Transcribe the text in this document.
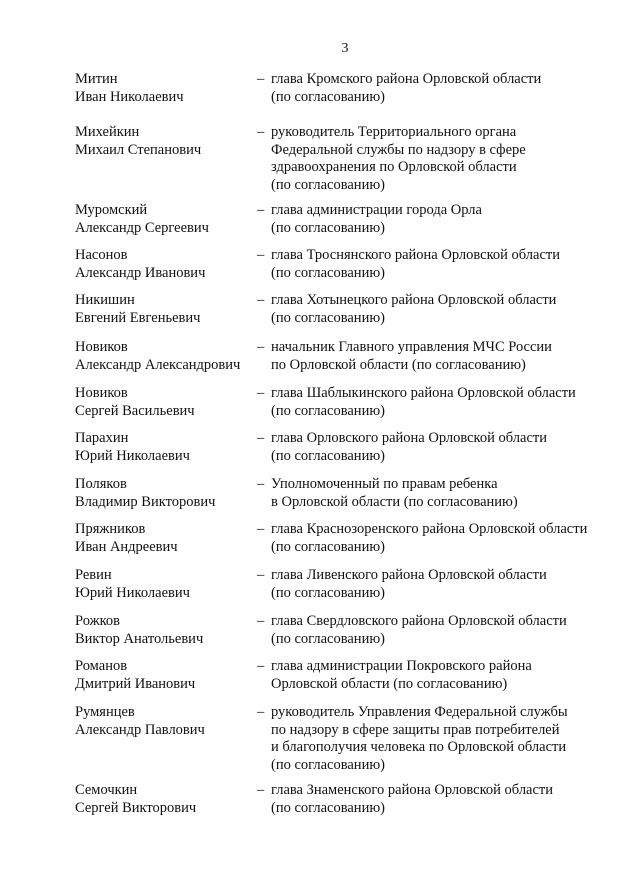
3
Митин
Иван Николаевич
– глава Кромского района Орловской области
(по согласованию)
Михейкин
Михаил Степанович
– руководитель Территориального органа
Федеральной службы по надзору в сфере
здравоохранения по Орловской области
(по согласованию)
Муромский
Александр Сергеевич
– глава администрации города Орла
(по согласованию)
Насонов
Александр Иванович
– глава Троснянского района Орловской области
(по согласованию)
Никишин
Евгений Евгеньевич
– глава Хотынецкого района Орловской области
(по согласованию)
Новиков
Александр Александрович
– начальник Главного управления МЧС России
по Орловской области (по согласованию)
Новиков
Сергей Васильевич
– глава Шаблыкинского района Орловской области
(по согласованию)
Парахин
Юрий Николаевич
– глава Орловского района Орловской области
(по согласованию)
Поляков
Владимир Викторович
– Уполномоченный по правам ребенка
в Орловской области (по согласованию)
Пряжников
Иван Андреевич
– глава Краснозоренского района Орловской области
(по согласованию)
Ревин
Юрий Николаевич
– глава Ливенского района Орловской области
(по согласованию)
Рожков
Виктор Анатольевич
– глава Свердловского района Орловской области
(по согласованию)
Романов
Дмитрий Иванович
– глава администрации Покровского района
Орловской области (по согласованию)
Румянцев
Александр Павлович
– руководитель Управления Федеральной службы
по надзору в сфере защиты прав потребителей
и благополучия человека по Орловской области
(по согласованию)
Семочкин
Сергей Викторович
– глава Знаменского района Орловской области
(по согласованию)
